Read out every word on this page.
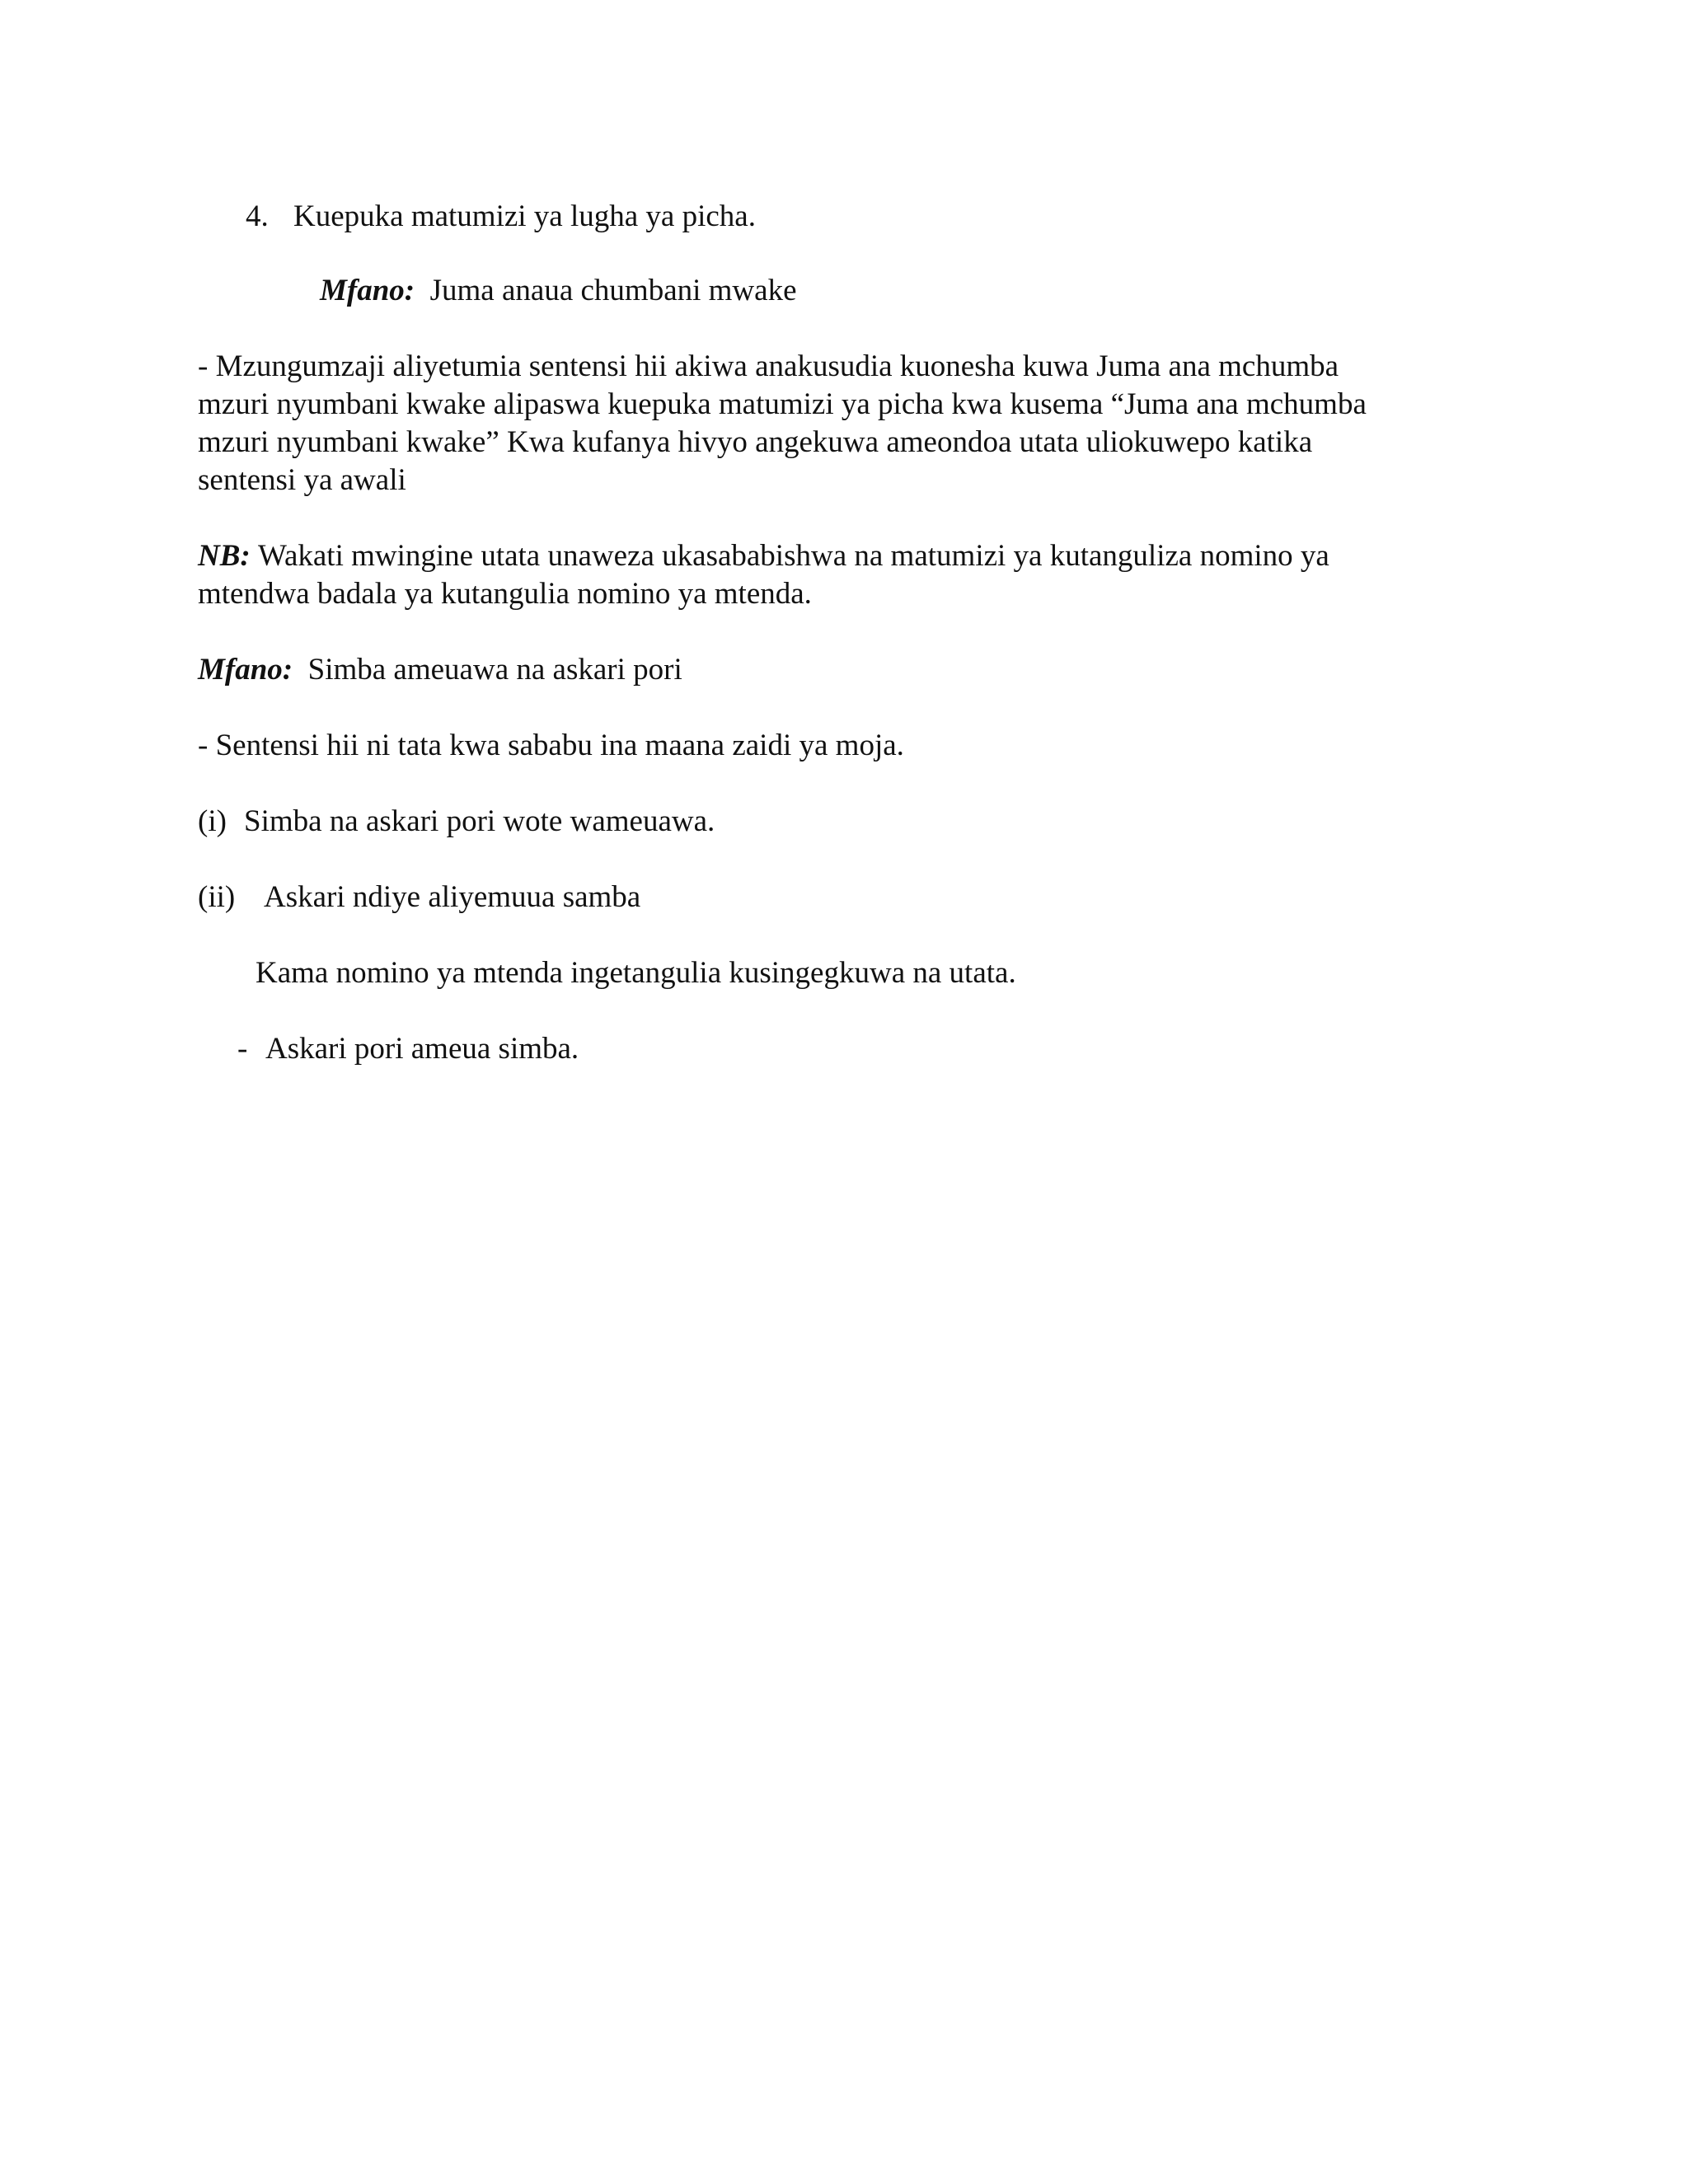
4. Kuepuka matumizi ya lugha ya picha.

Mfano: Juma anaua chumbani mwake

- Mzungumzaji aliyetumia sentensi hii akiwa anakusudia kuonesha kuwa Juma ana mchumba

mzuri nyumbani kwake alipaswa kuepuka matumizi ya picha kwa kusema “Juma ana mchumba

mzuri nyumbani kwake” Kwa kufanya hivyo angekuwa ameondoa utata uliokuwepo katika

sentensi ya awali

NB: Wakati mwingine utata unaweza ukasababishwa na matumizi ya kutanguliza nomino ya

mtendwa badala ya kutangulia nomino ya mtenda.

Mfano: Simba ameuawa na askari pori

- Sentensi hii ni tata kwa sababu ina maana zaidi ya moja.

(i) Simba na askari pori wote wameuawa.

(ii) Askari ndiye aliyemuua samba

Kama nomino ya mtenda ingetangulia kusingegkuwa na utata.

- Askari pori ameua simba.
